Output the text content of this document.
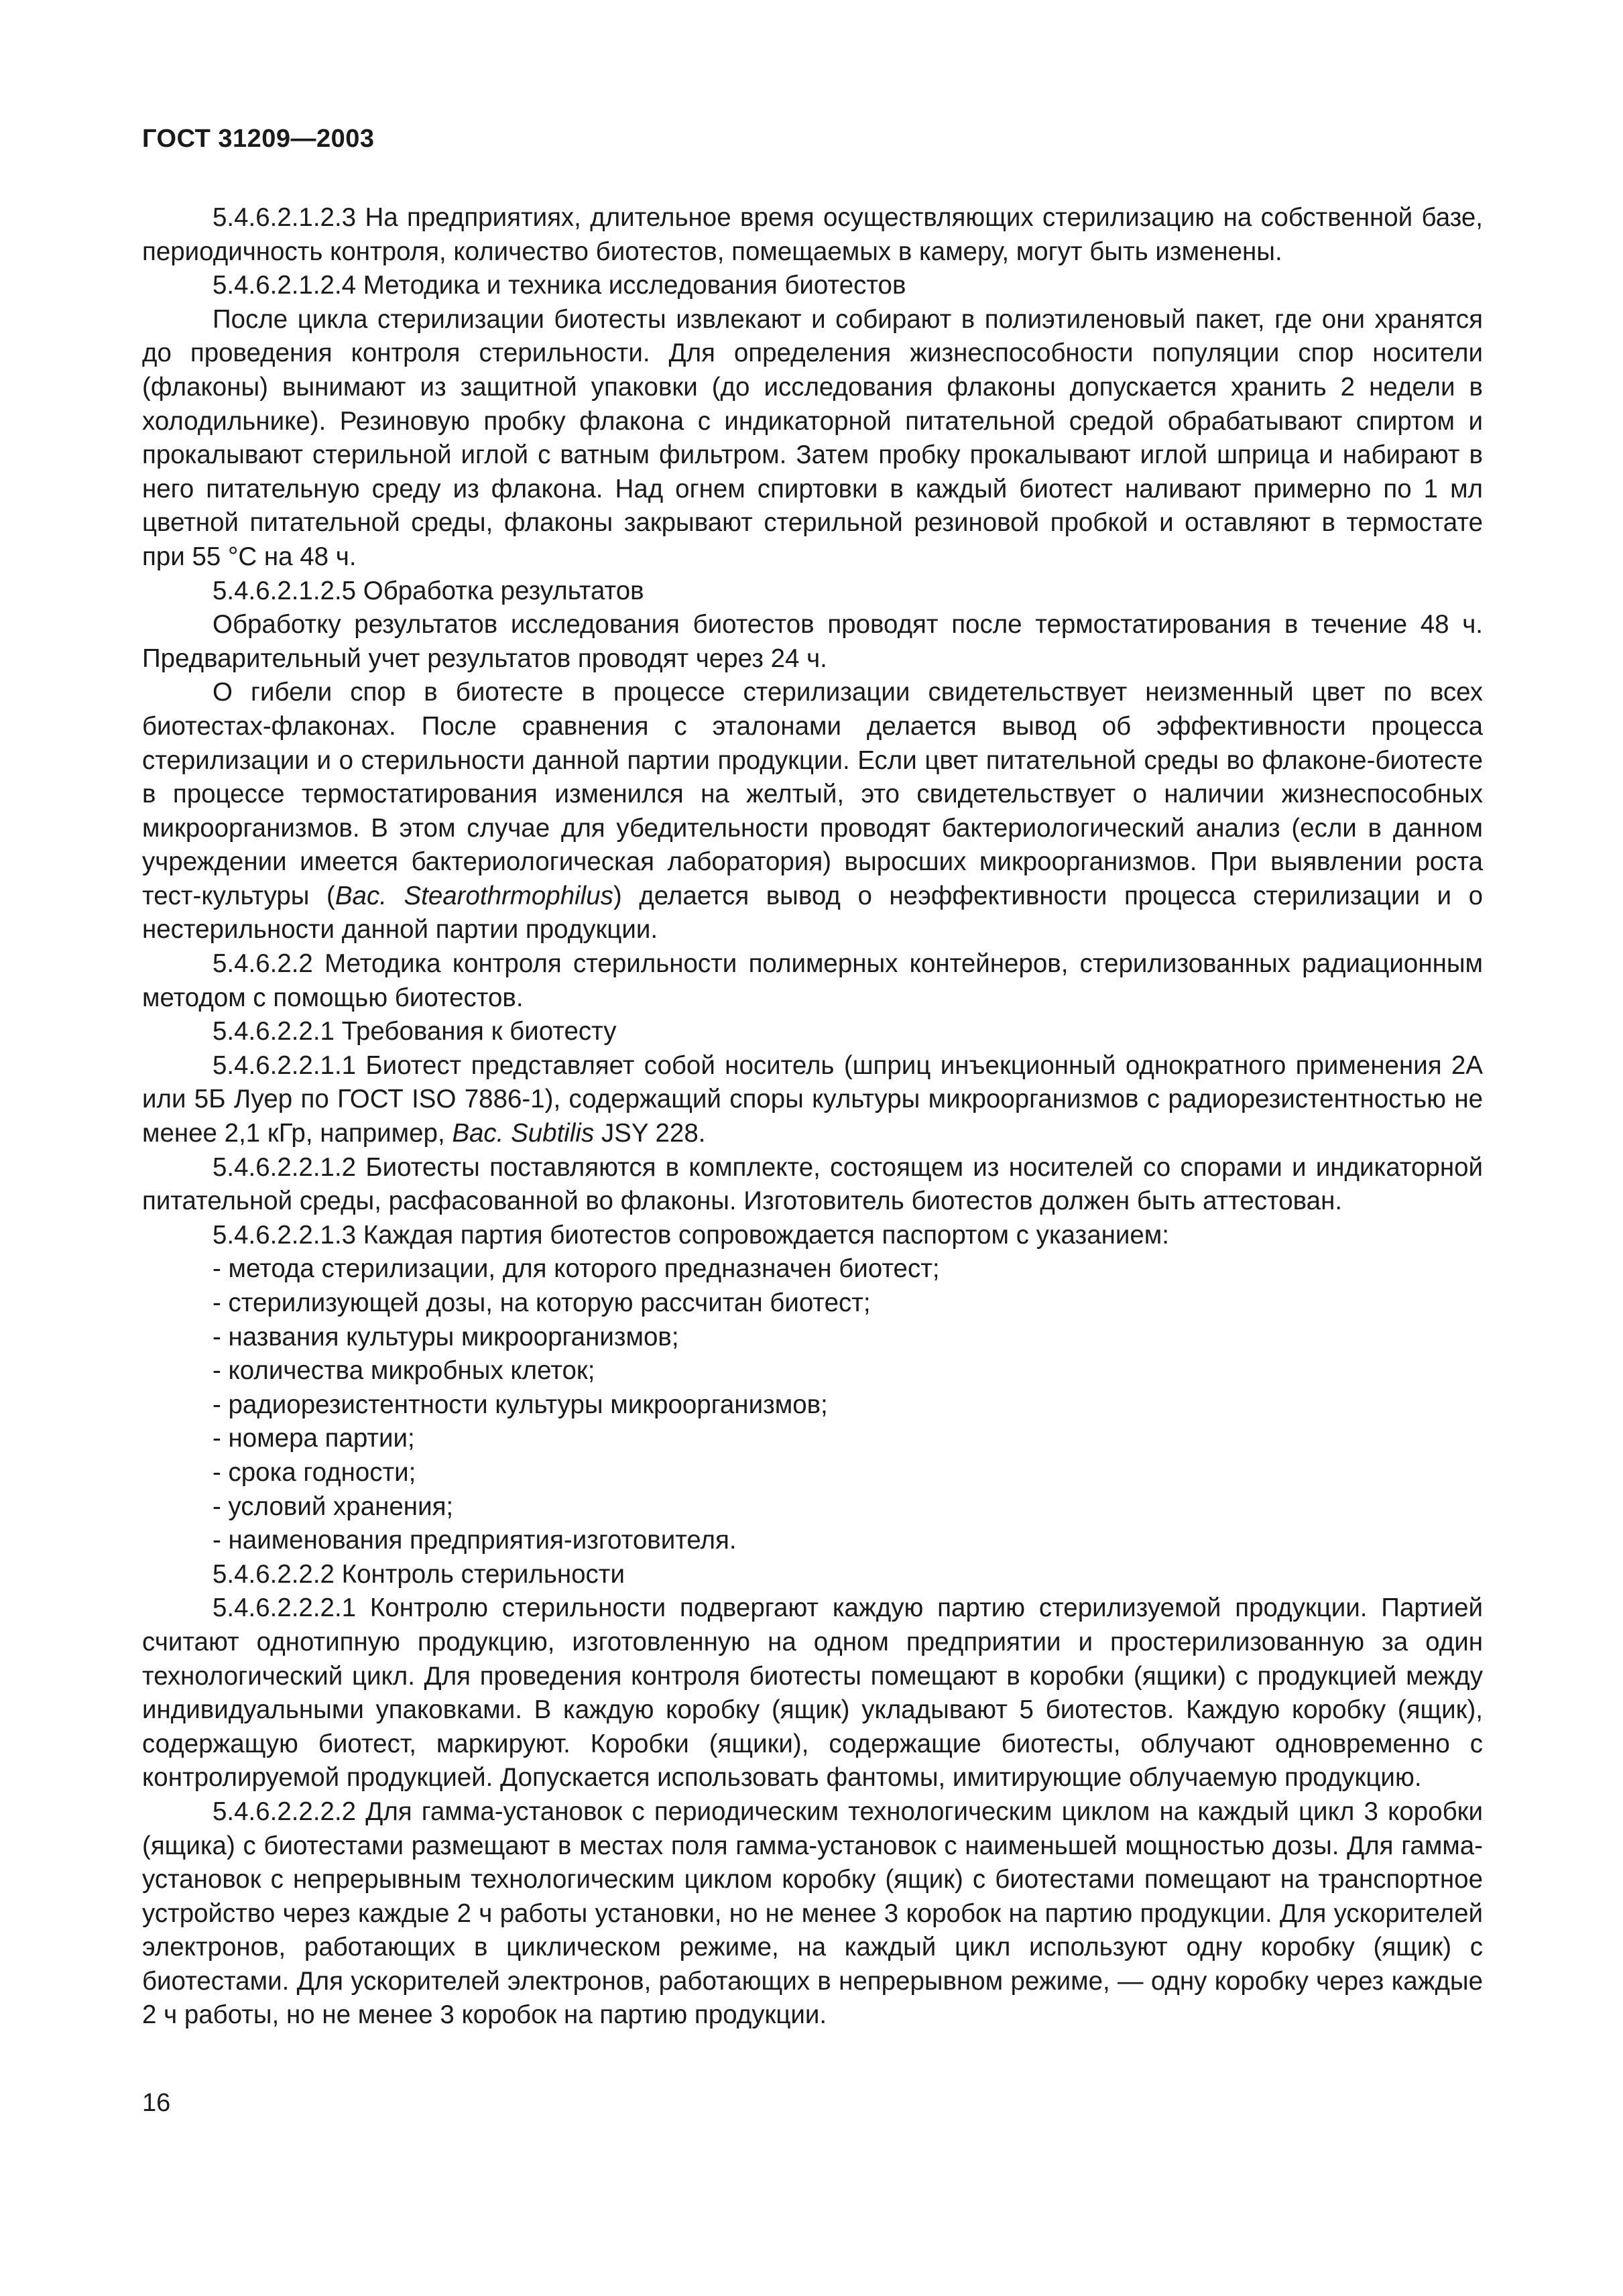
ГОСТ 31209—2003

5.4.6.2.1.2.3 На предприятиях, длительное время осуществляющих стерилизацию на собственной базе, периодичность контроля, количество биотестов, помещаемых в камеру, могут быть изменены.

5.4.6.2.1.2.4 Методика и техника исследования биотестов

После цикла стерилизации биотесты извлекают и собирают в полиэтиленовый пакет, где они хранятся до проведения контроля стерильности. Для определения жизнеспособности популяции спор носители (флаконы) вынимают из защитной упаковки (до исследования флаконы допускается хранить 2 недели в холодильнике). Резиновую пробку флакона с индикаторной питательной средой обрабатывают спиртом и прокалывают стерильной иглой с ватным фильтром. Затем пробку прокалывают иглой шприца и набирают в него питательную среду из флакона. Над огнем спиртовки в каждый биотест наливают примерно по 1 мл цветной питательной среды, флаконы закрывают стерильной резиновой пробкой и оставляют в термостате при 55 °С на 48 ч.

5.4.6.2.1.2.5 Обработка результатов

Обработку результатов исследования биотестов проводят после термостатирования в течение 48 ч. Предварительный учет результатов проводят через 24 ч.

О гибели спор в биотесте в процессе стерилизации свидетельствует неизменный цвет по всех биотестах-флаконах. После сравнения с эталонами делается вывод об эффективности процесса стерилизации и о стерильности данной партии продукции. Если цвет питательной среды во флаконе-биотесте в процессе термостатирования изменился на желтый, это свидетельствует о наличии жизнеспособных микроорганизмов. В этом случае для убедительности проводят бактериологический анализ (если в данном учреждении имеется бактериологическая лаборатория) выросших микроорганизмов. При выявлении роста тест-культуры (Bac. Stearothrmophilus) делается вывод о неэффективности процесса стерилизации и о нестерильности данной партии продукции.

5.4.6.2.2 Методика контроля стерильности полимерных контейнеров, стерилизованных радиационным методом с помощью биотестов.

5.4.6.2.2.1 Требования к биотесту

5.4.6.2.2.1.1 Биотест представляет собой носитель (шприц инъекционный однократного применения 2А или 5Б Луер по ГОСТ ISO 7886-1), содержащий споры культуры микроорганизмов с радиорезистентностью не менее 2,1 кГр, например, Bac. Subtilis JSY 228.

5.4.6.2.2.1.2 Биотесты поставляются в комплекте, состоящем из носителей со спорами и индикаторной питательной среды, расфасованной во флаконы. Изготовитель биотестов должен быть аттестован.

5.4.6.2.2.1.3 Каждая партия биотестов сопровождается паспортом с указанием:

- метода стерилизации, для которого предназначен биотест;

- стерилизующей дозы, на которую рассчитан биотест;

- названия культуры микроорганизмов;

- количества микробных клеток;

- радиорезистентности культуры микроорганизмов;

- номера партии;

- срока годности;

- условий хранения;

- наименования предприятия-изготовителя.

5.4.6.2.2.2 Контроль стерильности

5.4.6.2.2.2.1 Контролю стерильности подвергают каждую партию стерилизуемой продукции. Партией считают однотипную продукцию, изготовленную на одном предприятии и простерилизованную за один технологический цикл. Для проведения контроля биотесты помещают в коробки (ящики) с продукцией между индивидуальными упаковками. В каждую коробку (ящик) укладывают 5 биотестов. Каждую коробку (ящик), содержащую биотест, маркируют. Коробки (ящики), содержащие биотесты, облучают одновременно с контролируемой продукцией. Допускается использовать фантомы, имитирующие облучаемую продукцию.

5.4.6.2.2.2.2 Для гамма-установок с периодическим технологическим циклом на каждый цикл 3 коробки (ящика) с биотестами размещают в местах поля гамма-установок с наименьшей мощностью дозы. Для гамма-установок с непрерывным технологическим циклом коробку (ящик) с биотестами помещают на транспортное устройство через каждые 2 ч работы установки, но не менее 3 коробок на партию продукции. Для ускорителей электронов, работающих в циклическом режиме, на каждый цикл используют одну коробку (ящик) с биотестами. Для ускорителей электронов, работающих в непрерывном режиме, — одну коробку через каждые 2 ч работы, но не менее 3 коробок на партию продукции.

16
